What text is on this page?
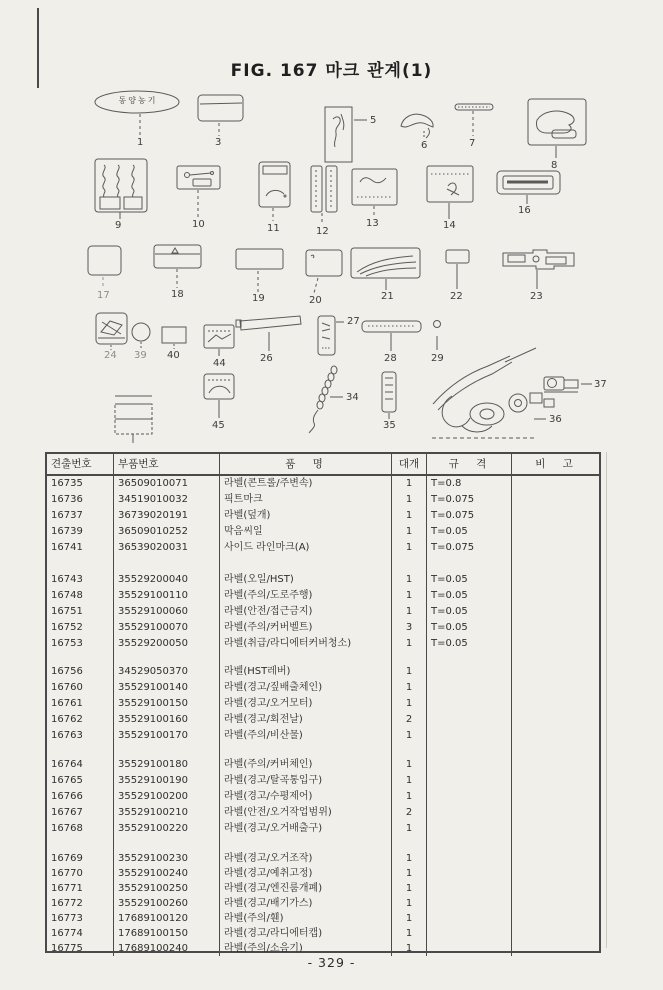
FIG. 167 마크 관계(1)
동양농기
1	3
5
6	7
8
9	10	11	12
13	14
16
17	18	19	20	21	22	23
24 39 40
44	26
27
28	29
34
35
36
37
45
견출번호	부품번호	품 명	대개	규 격	비 고
16735	36509010071	라벨(콘트롤/주변속)	1	T=0.8
16736	34519010032	픽트마크	1	T=0.075
16737	36739020191	라벨(덮개)	1	T=0.075
16739	36509010252	막음씨일	1	T=0.05
16741	36539020031	사이드 라인마크(A)	1	T=0.075
16743	35529200040	라벨(오일/HST)	1	T=0.05
16748	35529100110	라벨(주의/도로주행)	1	T=0.05
16751	35529100060	라벨(안전/접근금지)	1	T=0.05
16752	35529100070	라벨(주의/커버벨트)	3	T=0.05
16753	35529200050	라벨(취급/라디에터커버청소)	1	T=0.05
16756	34529050370	라벨(HST레버)	1
16760	35529100140	라벨(경고/짚배출체인)	1
16761	35529100150	라벨(경고/오거모터)	1
16762	35529100160	라벨(경고/회전날)	2
16763	35529100170	라벨(주의/비산물)	1
16764	35529100180	라벨(주의/커버체인)	1
16765	35529100190	라벨(경고/탈곡통입구)	1
16766	35529100200	라벨(경고/수평제어)	1
16767	35529100210	라벨(안전/오거작업범위)	2
16768	35529100220	라벨(경고/오거배출구)	1
16769	35529100230	라벨(경고/오거조작)	1
16770	35529100240	라벨(경고/예취고정)	1
16771	35529100250	라벨(경고/엔진룸개폐)	1
16772	35529100260	라벨(경고/배기가스)	1
16773	17689100120	라벨(주의/휀)	1
16774	17689100150	라벨(경고/라디에터캡)	1
16775	17689100240	라벨(주의/소음기)	1
- 329 -
